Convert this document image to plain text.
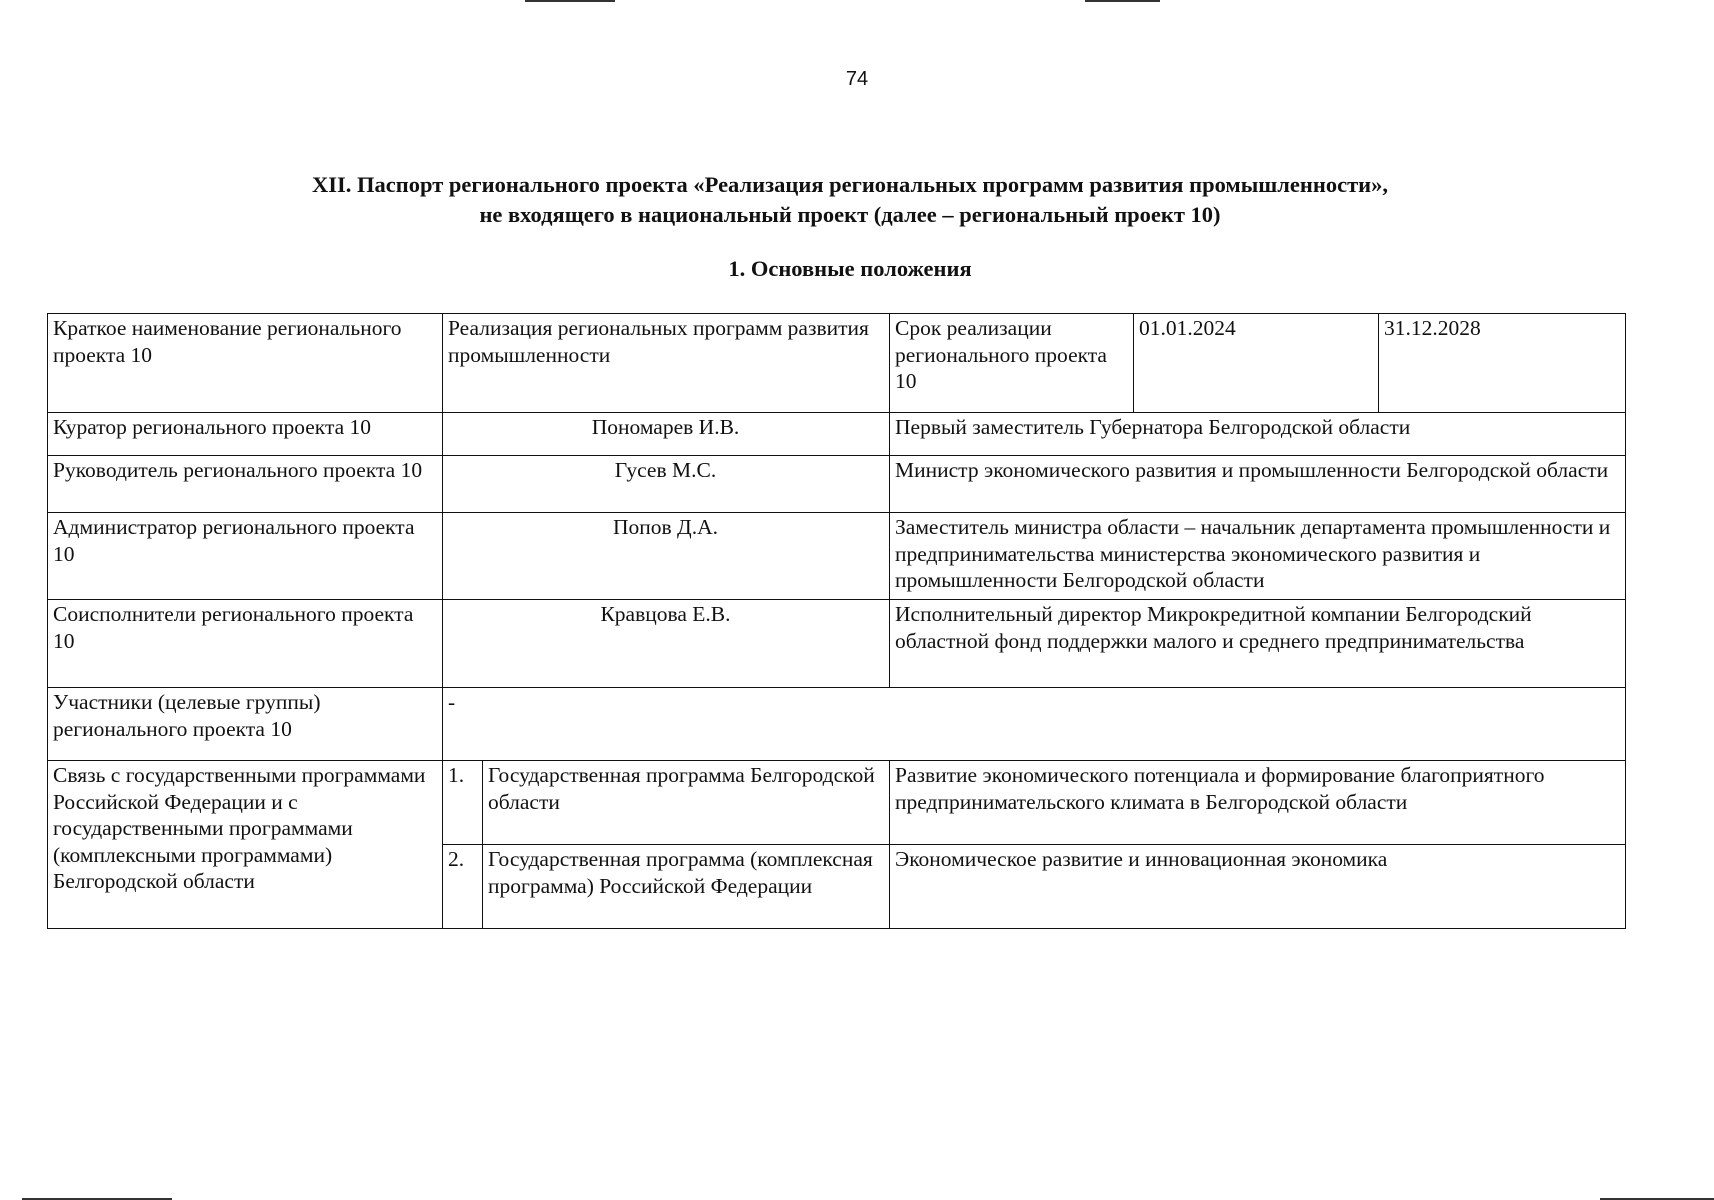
74
XII. Паспорт регионального проекта «Реализация региональных программ развития промышленности»,
не входящего в национальный проект (далее – региональный проект 10)
1. Основные положения
Краткое наименование регионального проекта 10	Реализация региональных программ развития промышленности		Срок реализации регионального проекта 10	01.01.2024	31.12.2028
Куратор регионального проекта 10	Пономарев И.В.		Первый заместитель Губернатора Белгородской области		
Руководитель регионального проекта 10	Гусев М.С.		Министр экономического развития и промышленности Белгородской области		
Администратор регионального проекта 10	Попов Д.А.		Заместитель министра области – начальник департамента промышленности и предпринимательства министерства экономического развития и промышленности Белгородской области		
Соисполнители регионального проекта 10	Кравцова Е.В.		Исполнительный директор Микрокредитной компании Белгородский областной фонд поддержки малого и среднего предпринимательства		
Участники (целевые группы) регионального проекта 10	-				
Связь с государственными программами Российской Федерации и с государственными программами (комплексными программами) Белгородской области	1.	Государственная программа Белгородской области	Развитие экономического потенциала и формирование благоприятного предпринимательского климата в Белгородской области		
	2.	Государственная программа (комплексная программа) Российской Федерации	Экономическое развитие и инновационная экономика		
